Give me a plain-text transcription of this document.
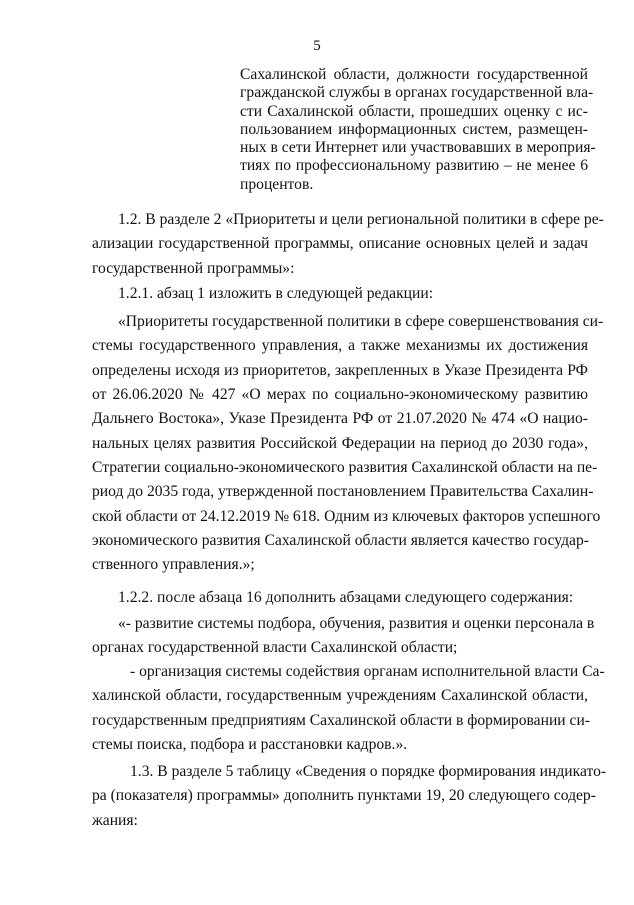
5

Сахалинской области, должности государственной
гражданской службы в органах государственной вла-
сти Сахалинской области, прошедших оценку с ис-
пользованием информационных систем, размещен-
ных в сети Интернет или участвовавших в мероприя-
тиях по профессиональному развитию – не менее 6
процентов.

1.2. В разделе 2 «Приоритеты и цели региональной политики в сфере ре-
ализации государственной программы, описание основных целей и задач
государственной программы»:

1.2.1. абзац 1 изложить в следующей редакции:

«Приоритеты государственной политики в сфере совершенствования си-
стемы государственного управления, а также механизмы их достижения
определены исходя из приоритетов, закрепленных в Указе Президента РФ
от 26.06.2020 № 427 «О мерах по социально-экономическому развитию
Дальнего Востока», Указе Президента РФ от 21.07.2020 № 474 «О нацио-
нальных целях развития Российской Федерации на период до 2030 года»,
Стратегии социально-экономического развития Сахалинской области на пе-
риод до 2035 года, утвержденной постановлением Правительства Сахалин-
ской области от 24.12.2019 № 618. Одним из ключевых факторов успешного
экономического развития Сахалинской области является качество государ-
ственного управления.»;

1.2.2. после абзаца 16 дополнить абзацами следующего содержания:

«- развитие системы подбора, обучения, развития и оценки персонала в
органах государственной власти Сахалинской области;

- организация системы содействия органам исполнительной власти Са-
халинской области, государственным учреждениям Сахалинской области,
государственным предприятиям Сахалинской области в формировании си-
стемы поиска, подбора и расстановки кадров.».

1.3. В разделе 5 таблицу «Сведения о порядке формирования индикато-
ра (показателя) программы» дополнить пунктами 19, 20 следующего содер-
жания:
